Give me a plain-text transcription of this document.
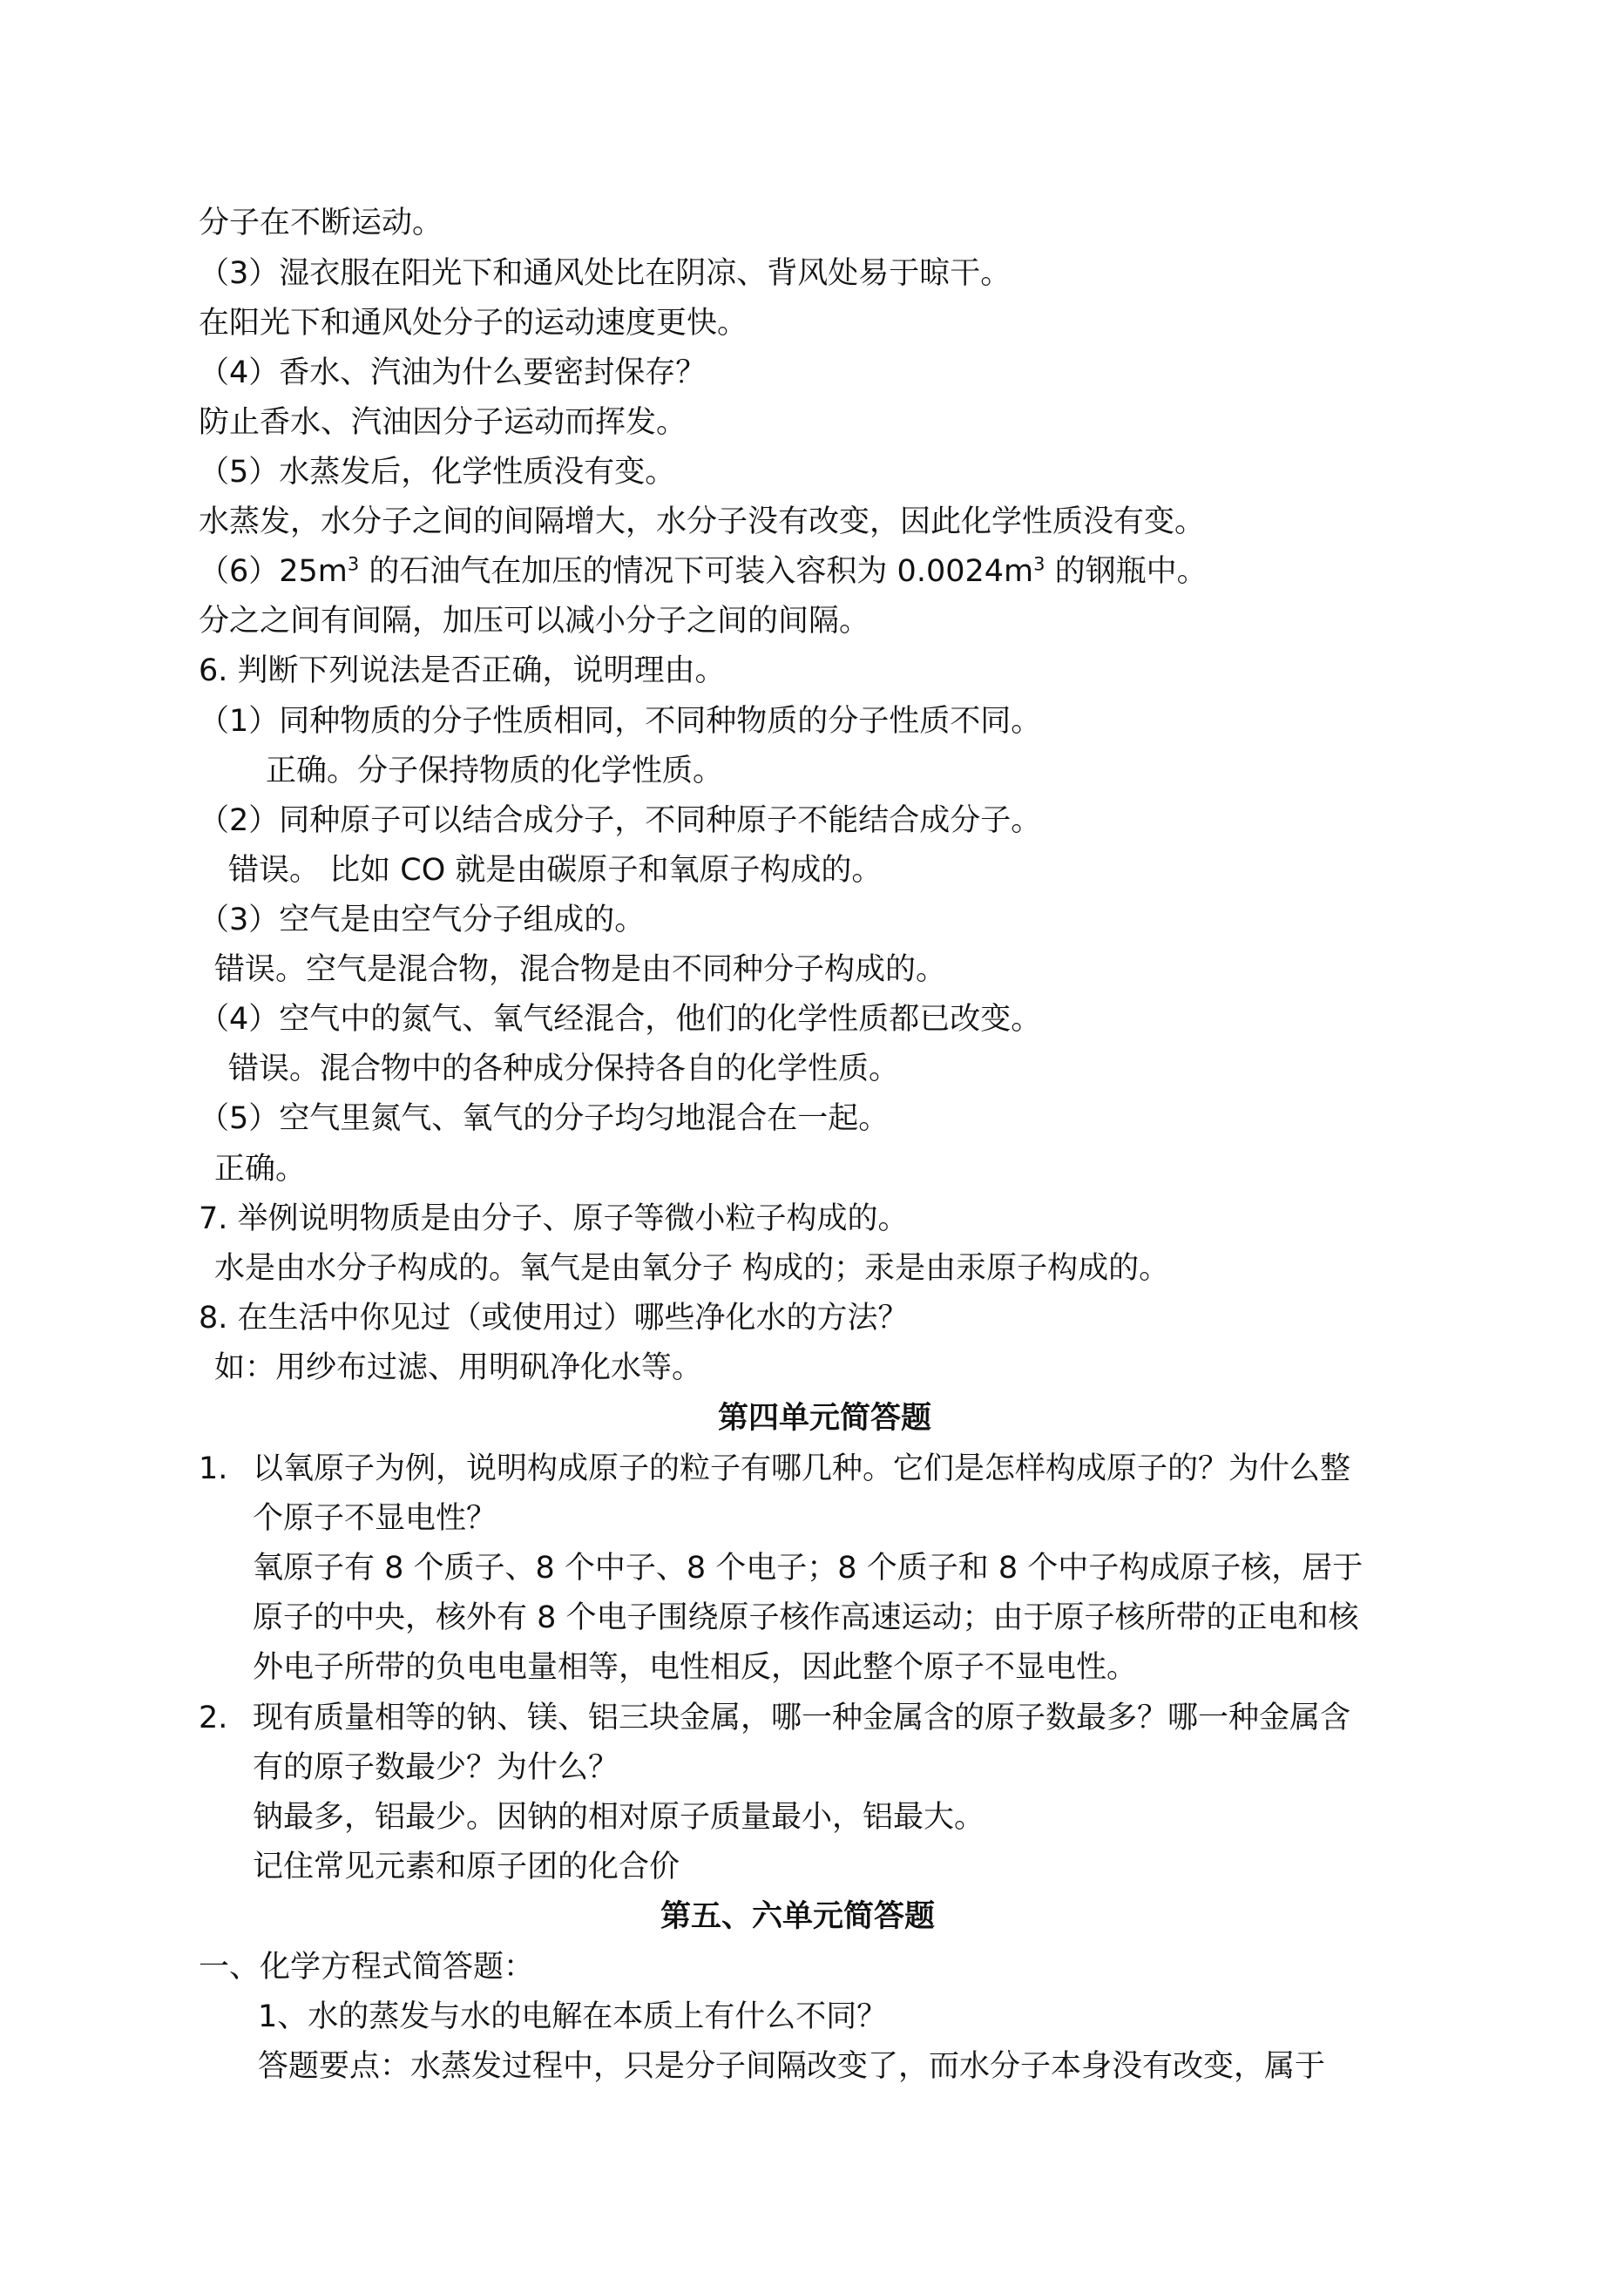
分子在不断运动。
（3）湿衣服在阳光下和通风处比在阴凉、背风处易于晾干。
在阳光下和通风处分子的运动速度更快。
（4）香水、汽油为什么要密封保存？
防止香水、汽油因分子运动而挥发。
（5）水蒸发后，化学性质没有变。
水蒸发，水分子之间的间隔增大，水分子没有改变，因此化学性质没有变。
$(6)25m^3$ 的石油气在加压的情况下可装入容积为 $0.0024m^3$ 的钢瓶中。
分之之间有间隔，加压可以减小分子之间的间隔。
6. 判断下列说法是否正确，说明理由。
（1）同种物质的分子性质相同，不同种物质的分子性质不同。
正确。分子保持物质的化学性质。
（2）同种原子可以结合成分子，不同种原子不能结合成分子。
错误。 比如 CO 就是由碳原子和氧原子构成的。
（3）空气是由空气分子组成的。
错误。空气是混合物，混合物是由不同种分子构成的。
（4）空气中的氮气、氧气经混合，他们的化学性质都已改变。
错误。混合物中的各种成分保持各自的化学性质。
（5）空气里氮气、氧气的分子均匀地混合在一起。
正确。
7. 举例说明物质是由分子、原子等微小粒子构成的。
水是由水分子构成的。氧气是由氧分子 构成的；汞是由汞原子构成的。
8. 在生活中你见过（或使用过）哪些净化水的方法？
如：用纱布过滤、用明矾净化水等。
第四单元简答题
1. 以氧原子为例，说明构成原子的粒子有哪几种。它们是怎样构成原子的？为什么整
个原子不显电性？
氧原子有 8 个质子、8 个中子、8 个电子；8 个质子和 8 个中子构成原子核，居于
原子的中央，核外有 8 个电子围绕原子核作高速运动；由于原子核所带的正电和核
外电子所带的负电电量相等，电性相反，因此整个原子不显电性。
2. 现有质量相等的钠、镁、铝三块金属，哪一种金属含的原子数最多？哪一种金属含
有的原子数最少？为什么？
钠最多，铝最少。因钠的相对原子质量最小，铝最大。
记住常见元素和原子团的化合价
第五、六单元简答题
一、化学方程式简答题：
1、水的蒸发与水的电解在本质上有什么不同？
答题要点：水蒸发过程中，只是分子间隔改变了，而水分子本身没有改变，属于
